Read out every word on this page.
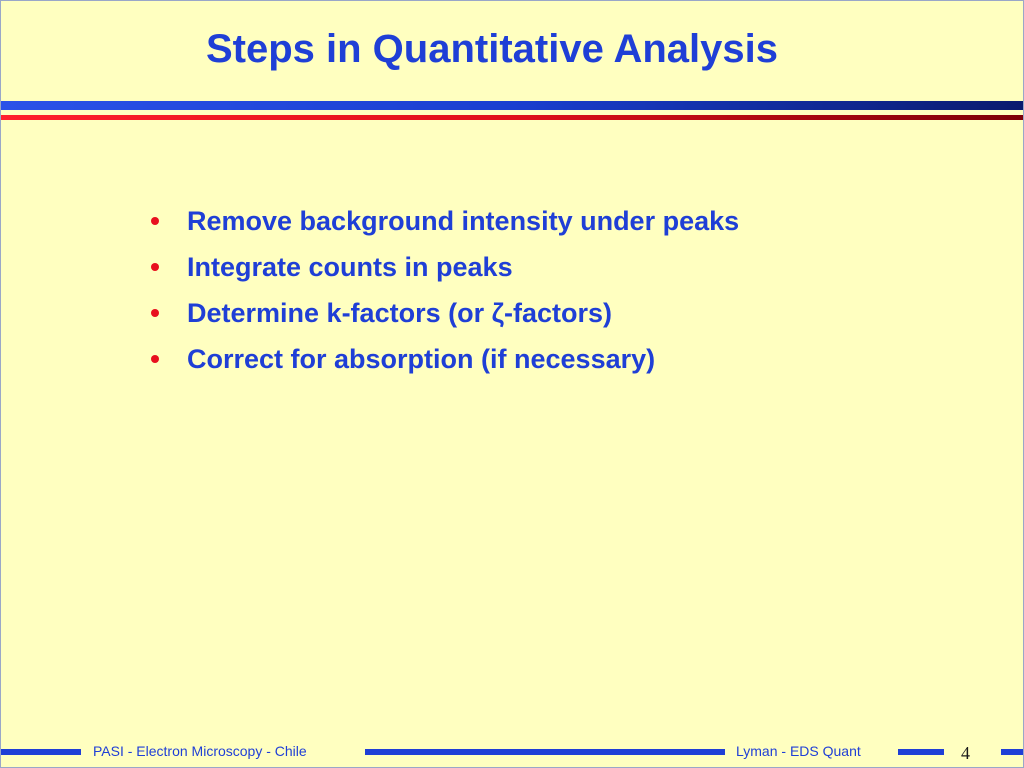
Steps in Quantitative Analysis
Remove background intensity under peaks
Integrate counts in peaks
Determine k-factors (or ζ-factors)
Correct for absorption (if necessary)
PASI - Electron Microscopy - Chile	Lyman - EDS Quant	4
